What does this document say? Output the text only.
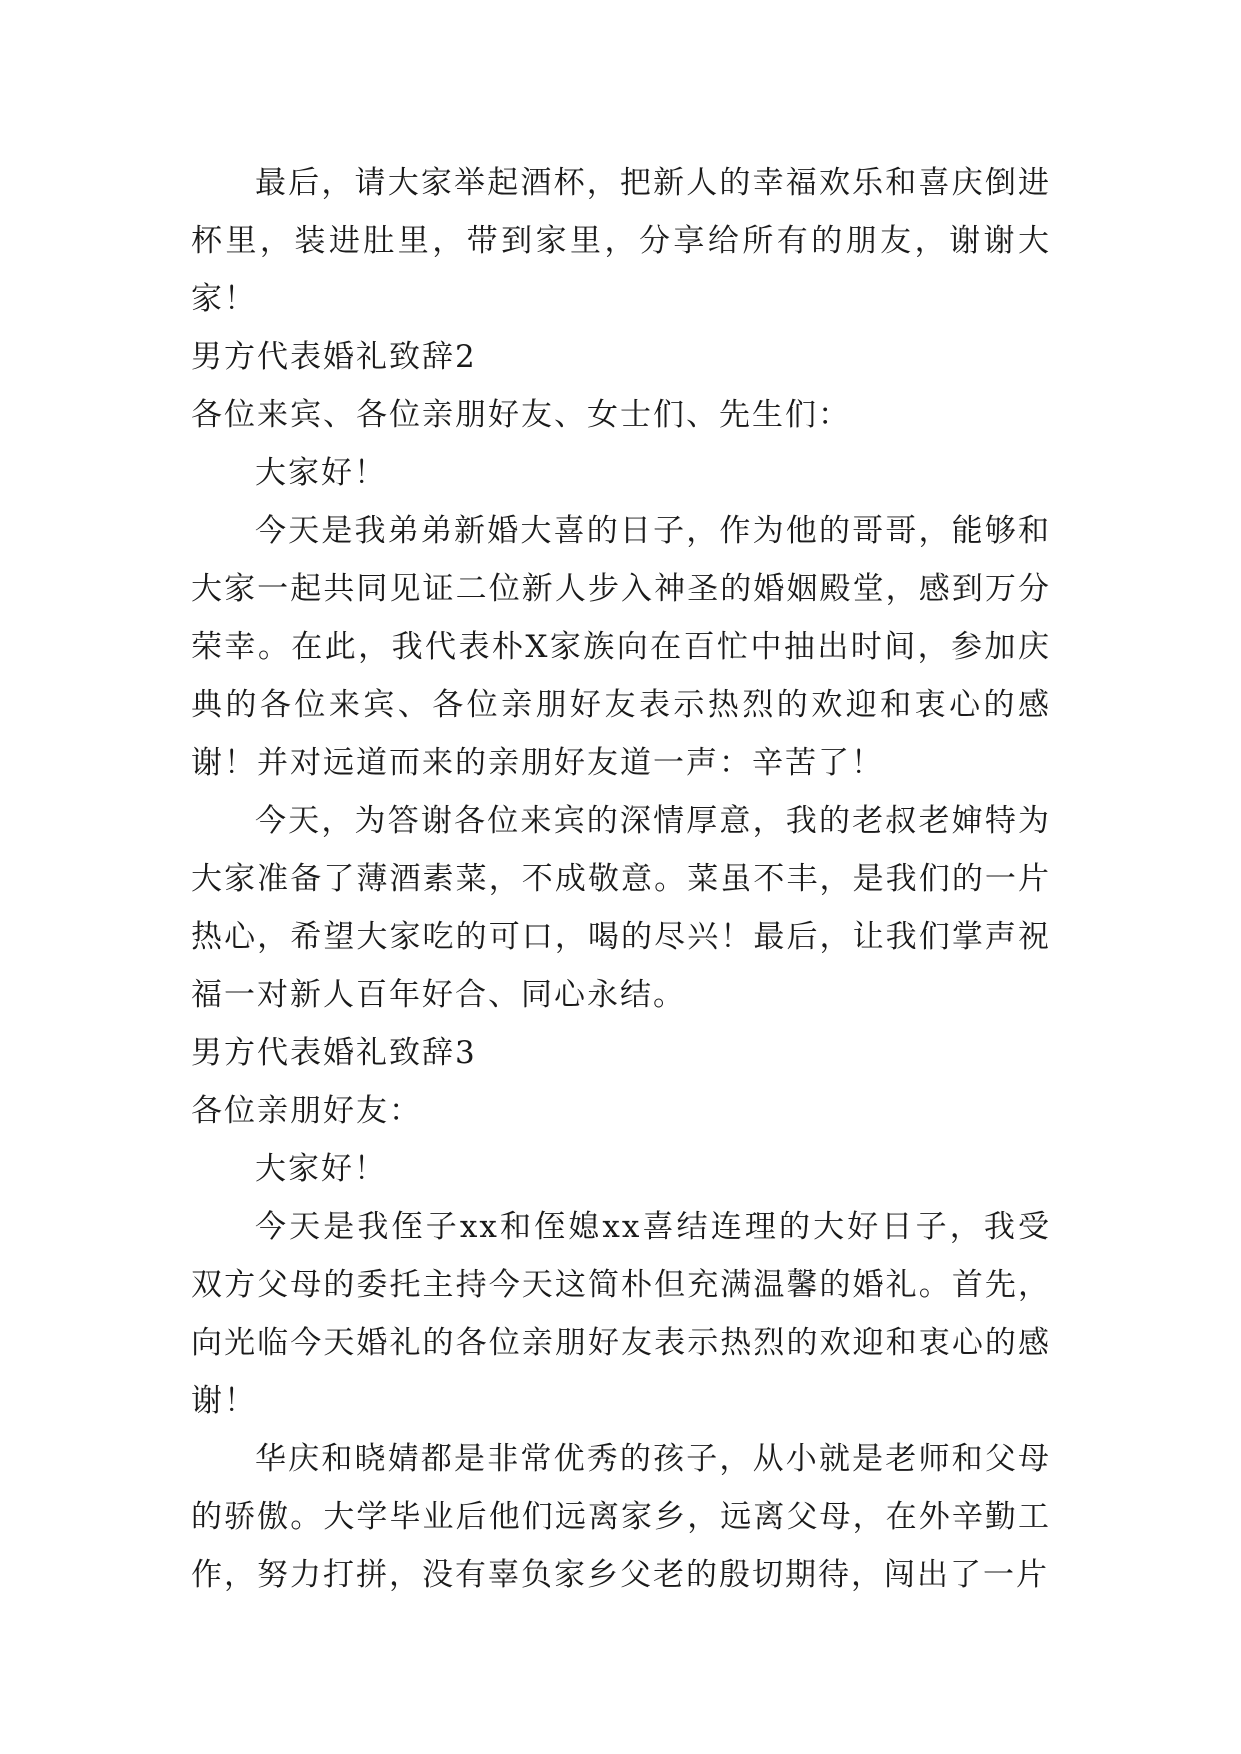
最后，请大家举起酒杯，把新人的幸福欢乐和喜庆倒进杯里，装进肚里，带到家里，分享给所有的朋友，谢谢大家！

男方代表婚礼致辞2

各位来宾、各位亲朋好友、女士们、先生们：

大家好！

今天是我弟弟新婚大喜的日子，作为他的哥哥，能够和大家一起共同见证二位新人步入神圣的婚姻殿堂，感到万分荣幸。在此，我代表朴X家族向在百忙中抽出时间，参加庆典的各位来宾、各位亲朋好友表示热烈的欢迎和衷心的感谢！并对远道而来的亲朋好友道一声：辛苦了！

今天，为答谢各位来宾的深情厚意，我的老叔老婶特为大家准备了薄酒素菜，不成敬意。菜虽不丰，是我们的一片热心，希望大家吃的可口，喝的尽兴！最后，让我们掌声祝福一对新人百年好合、同心永结。

男方代表婚礼致辞3

各位亲朋好友：

大家好！

今天是我侄子xx和侄媳xx喜结连理的大好日子，我受双方父母的委托主持今天这简朴但充满温馨的婚礼。首先，向光临今天婚礼的各位亲朋好友表示热烈的欢迎和衷心的感谢！

华庆和晓婧都是非常优秀的孩子，从小就是老师和父母的骄傲。大学毕业后他们远离家乡，远离父母，在外辛勤工作，努力打拼，没有辜负家乡父老的殷切期待，闯出了一片
